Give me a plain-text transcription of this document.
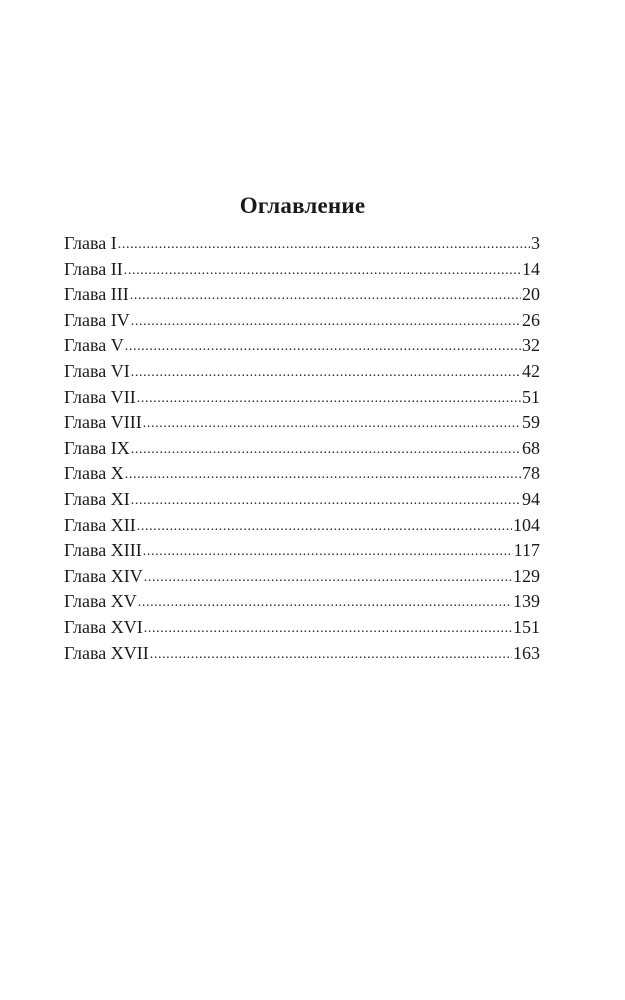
Оглавление
Глава I .....	3
Глава II .....	14
Глава III .....	20
Глава IV .....	26
Глава V .....	32
Глава VI .....	42
Глава VII .....	51
Глава VIII .....	59
Глава IX .....	68
Глава X .....	78
Глава XI .....	94
Глава XII .....	104
Глава XIII .....	117
Глава XIV .....	129
Глава XV .....	139
Глава XVI .....	151
Глава XVII .....	163
